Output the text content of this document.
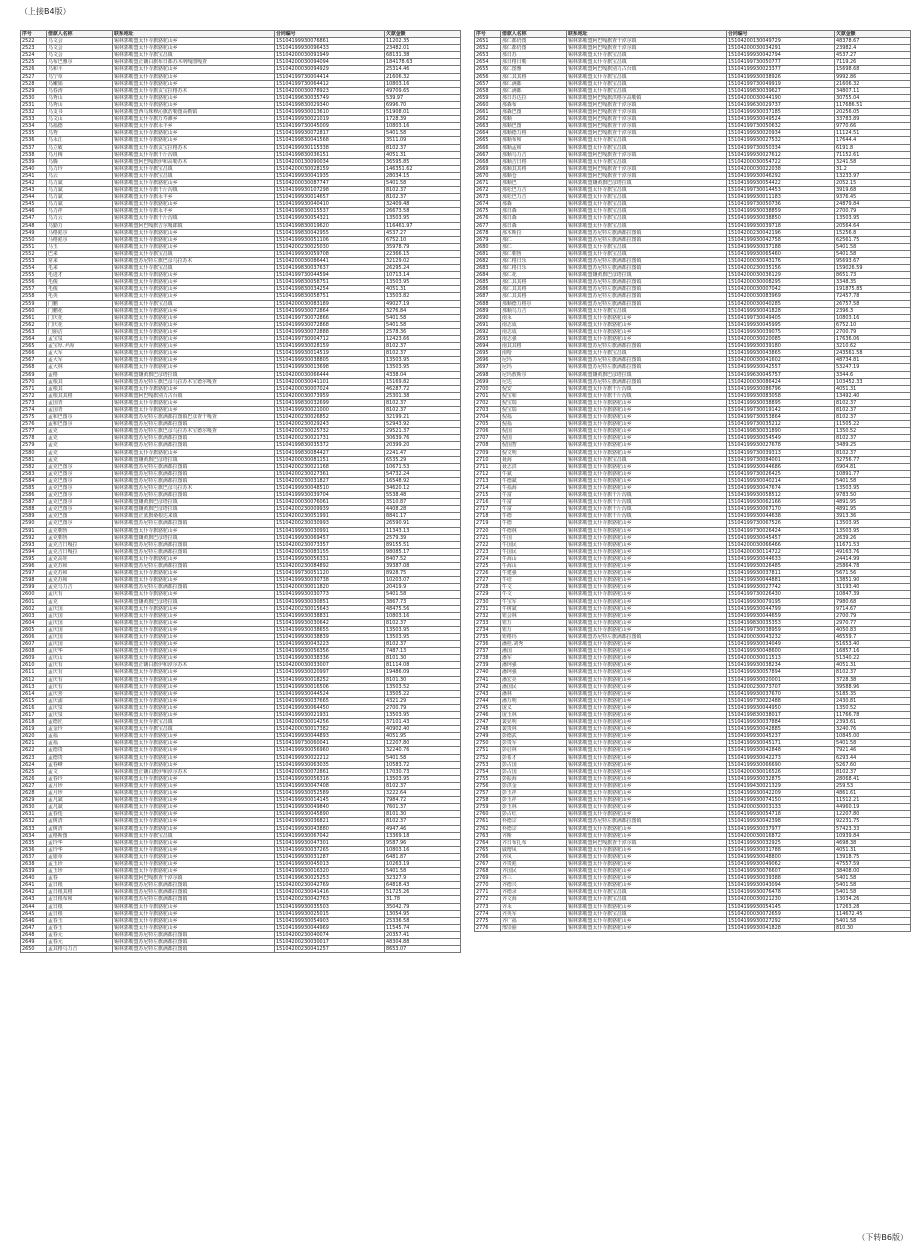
（上接B4版）
序号	借款人名称	联系地址	合同编号	欠款金额
2522	乌文会	锡林郭勒盟太仆寺旗骆驼山乡	15104199930076861	11202.35
2523	乌文会	锡林郭勒盟太仆寺旗骆驼山乡	15104199930096433	23482.01
2524	乌文会	锡林郭勒盟太仆寺旗宝昌镇	15104200030091949	68131.38
2525	乌布巴雅尔	锡林郭勒盟正镶白旗布日都苏木明嘎图嘎查	15104200030094094	184178.63
2526	乌和平	锡林郭勒盟太仆寺旗骆驼山乡	15104200030094929	25314.46
2527	乌宁章	锡林郭勒盟太仆寺旗骆驼山乡	15104199730004414	21606.32
2528	乌嫩娟	锡林郭勒盟太仆寺旗骆驼山乡	15104199730064412	10803.16
2529	乌春涛	锡林郭勒盟太仆寺旗贡宝拉格苏木	15104200030078923	49709.65
2530	乌秀山	锡林郭勒盟太仆寺旗骆驼山乡	15104199630035749	539.97
2531	乌秀山	锡林郭勒盟太仆寺旗骆驼山乡	15104199830029340	6996.70
2532	乌支书	锡林郭勒盟西乌珠穆沁旗浩勒图高勒镇	15104199930013610	51908.01
2533	乌文山	锡林郭勒盟太仆寺旗万寿滩乡	15104199930021019	1728.39
2534	乌福德	锡林郭勒盟太仆寺旗永丰乡	15104199730045009	10803.16
2535	乌秀	锡林郭勒盟太仆寺旗骆驼山乡	15104199930072817	5401.58
2536	乌永江	锡林郭勒盟太仆寺旗骆驼山乡	15104199830041568	3511.09
2537	乌立敏	锡林郭勒盟太仆寺旗贡宝拉格苏木	15104199930115338	8102.37
2538	乌月梅	锡林郭勒盟太仆寺旗千斤沟镇	15104199830036151	4051.31
2539	乌腾	锡林郭勒盟阿巴嘎旗伊和高勒苏木	15104200130090034	36595.85
2540	乌力玲	锡林郭勒盟太仆寺旗宝昌镇	15104200030028159	146351.62
2541	乌云	锡林郭勒盟太仆寺旗宝昌镇	15104199930041935	28034.15
2542	乌力斌	锡林郭勒盟太仆寺旗骆驼山乡	15104200030087747	5401.58
2543	乌力斌	锡林郭勒盟太仆寺旗千斤沟镇	15104199930107298	8102.37
2544	乌力斌	锡林郭勒盟太仆寺旗永丰乡	15104199930014657	8102.37
2545	乌力斌	锡林郭勒盟太仆寺旗骆驼山乡	15104199930040410	32409.48
2546	乌力祥	锡林郭勒盟太仆寺旗永丰乡	15104199830015537	26673.58
2547	乌力云	锡林郭勒盟太仆寺旗千斤沟镇	15104199930054321	13503.95
2548	乌勤力	锡林郭勒盟阿巴嘎旗吉尔嘎郎镇	15104199830019620	116461.97
2549	马格彪尔	锡林郭勒盟太仆寺旗骆驼山乡	15104199830042955	4537.27
2550	马格彪尔	锡林郭勒盟太仆寺旗骆驼山乡	15104199930051106	6752.10
2551	马玉	锡林郭勒盟太仆寺旗骆驼山乡	15104200230025030	35978.79
2552	巴来	锡林郭勒盟太仆寺旗宝昌镇	15104199930059708	22366.15
2553	常来	锡林郭勒盟苏尼特左旗巴彦乌拉苏木	15104200030086441	32129.02
2554	毛来	锡林郭勒盟太仆寺旗宝昌镇	15104199830037637	26295.24
2555	毛进才	锡林郭勒盟太仆寺旗骆驼山乡	15104199730044594	10713.14
2556	毛俊	锡林郭勒盟太仆寺旗骆驼山乡	15104199830058751	13503.95
2557	毛俊	锡林郭勒盟太仆寺旗骆驼山乡	15104199830034254	4051.31
2558	毛英	锡林郭勒盟太仆寺旗骆驼山乡	15104199830058751	13503.82
2559	门鹏	锡林郭勒盟太仆寺旗宝昌镇	15104200030083189	49027.19
2560	门鹏花	锡林郭勒盟太仆寺旗骆驼山乡	15104199930072864	3276.84
2561	门庆花	锡林郭勒盟太仆寺旗骆驼山乡	15104199730072866	5401.58
2562	门庆花	锡林郭勒盟太仆寺旗骆驼山乡	15104199930072868	5401.58
2563	门丽洁	锡林郭勒盟太仆寺旗骆驼山乡	15104199930072888	2578.36
2564	孟宝泉	锡林郭勒盟太仆寺旗骆驼山乡	15104199730004712	12423.66
2565	孟宝厚.尹海	锡林郭勒盟太仆寺旗骆驼山乡	15104199930028159	8102.37
2566	孟大军	锡林郭勒盟太仆寺旗骆驼山乡	15104199930014519	8102.37
2567	孟大军	锡林郭勒盟太仆寺旗骆驼山乡	15104199930038805	13503.95
2568	孟大林	锡林郭勒盟太仆寺旗骆驼山乡	15104199930013698	13503.95
2569	孟格	锡林郭勒盟镶黄旗巴彦塔拉镇	15104200030066444	4338.04
2570	孟根其	锡林郭勒盟苏尼特左旗巴彦乌拉苏木宝德尔嘎查	15104200030041101	15169.82
2571	孟根其	锡林郭勒盟太仆寺旗骆驼山乡	15104200030007024	46287.72
2572	孟根其其格	锡林郭勒盟阿巴嘎旗别力古台镇	15104200030073959	25301.38
2573	孟国青	锡林郭勒盟太仆寺旗骆驼山乡	15104199830032699	8102.37
2574	孟国青	锡林郭勒盟太仆寺旗骆驼山乡	15104199930021000	8102.37
2575	孟和巴图尔	锡林郭勒盟苏尼特左旗满都拉图镇巴彦查干嘎查	15104200230026852	32199.21
2576	孟和巴图尔	锡林郭勒盟苏尼特左旗满都拉图镇	15104200230029243	52943.92
2577	孟克	锡林郭勒盟苏尼特左旗巴彦乌拉苏木宝德尔嘎查	15104200230025732	29521.37
2578	孟克	锡林郭勒盟苏尼特左旗满都拉图镇	15104200230021731	30639.76
2579	孟克	锡林郭勒盟苏尼特左旗满都拉图镇	15104199830035372	20399.20
2580	孟克	锡林郭勒盟太仆寺旗骆驼山乡	15104199830084427	2241.47
2581	孟克	锡林郭勒盟镶黄旗巴彦塔拉镇	15104200030081151	6535.29
2582	孟克巴图尔	锡林郭勒盟苏尼特左旗满都拉图镇	15104200230021168	10671.53
2583	孟克巴图尔	锡林郭勒盟苏尼特左旗满都拉图镇	15104200230027361	54732.24
2584	孟克巴图尔	锡林郭勒盟苏尼特左旗满都拉图镇	15104200230031827	16548.92
2585	孟克巴图尔	锡林郭勒盟苏尼特左旗巴彦乌拉苏木	15104199930048510	34620.12
2586	孟克巴图尔	锡林郭勒盟苏尼特左旗满都拉图镇	15104199930039704	5538.48
2587	孟克巴图尔	锡林郭勒盟镶黄旗巴彦塔拉镇	15104200030076061	3510.87
2588	孟克巴图尔	锡林郭勒盟镶黄旗巴彦塔拉镇	15104200230009939	4408.28
2589	孟克巴图	锡林郭勒盟正蓝旗桑根达来镇	15104200230051991	8841.17
2590	孟克巴图尔	锡林郭勒盟苏尼特左旗满都拉图镇	15104200230030993	26590.91
2591	孟克朝鲁	锡林郭勒盟太仆寺旗骆驼山乡	15104199930030991	11343.13
2592	孟克朝鲁	锡林郭勒盟镶黄旗巴彦塔拉镇	15104199930069457	2579.39
2593	孟克吉日嘎拉	锡林郭勒盟苏尼特左旗满都拉图镇	15104200230073357	89155.51
2594	孟克吉日嘎拉	锡林郭勒盟苏尼特左旗满都拉图镇	15104200230083155	98085.17
2595	孟克高娃	锡林郭勒盟太仆寺旗骆驼山乡	15104199930056331	8407.52
2596	孟克苏和	锡林郭勒盟苏尼特左旗满都拉图镇	15104200230084892	39387.08
2597	孟克苏和	锡林郭勒盟太仆寺旗骆驼山乡	15104199730051120	8928.75
2598	孟克苏和	锡林郭勒盟太仆寺旗骆驼山乡	15104199930030738	10203.07
2599	孟克乌力吉	锡林郭勒盟苏尼特左旗满都拉图镇	15104200030011820	20419.9
2600	孟庆有	锡林郭勒盟太仆寺旗骆驼山乡	15104199930030773	5401.58
2601	孟克	锡林郭勒盟镶黄旗巴彦塔拉镇	15104199930030851	3867.73
2602	孟庆国	锡林郭勒盟太仆寺旗骆驼山乡	15104200230015643	48475.56
2603	孟庆国	锡林郭勒盟太仆寺旗骆驼山乡	15104199930038831	10803.16
2604	孟庆国	锡林郭勒盟太仆寺旗骆驼山乡	15104199930030642	8102.37
2605	孟庆国	锡林郭勒盟太仆寺旗骆驼山乡	15104199930038655	13503.95
2606	孟庆国	锡林郭勒盟太仆寺旗骆驼山乡	15104199930038839	13503.95
2607	孟庆国	锡林郭勒盟太仆寺旗骆驼山乡	15104199930043223	8102.37
2608	孟庆华	锡林郭勒盟太仆寺旗骆驼山乡	15104199930056356	7487.13
2609	孟庆山	锡林郭勒盟太仆寺旗骆驼山乡	15104199930038336	8101.30
2610	孟庆有	锡林郭勒盟正镶白旗伊和淖尔苏木	15104200030033007	81114.08
2611	孟庆有	锡林郭勒盟太仆寺旗骆驼山乡	15104199930020997	19486.09
2612	孟庆有	锡林郭勒盟太仆寺旗骆驼山乡	15104199930018252	8101.30
2613	孟庆有	锡林郭勒盟太仆寺旗骆驼山乡	15104199930016506	13503.52
2614	孟庆喜	锡林郭勒盟太仆寺旗骆驼山乡	15104199930044524	13505.22
2615	孟庆浦	锡林郭勒盟太仆寺旗骆驼山乡	15104199930037665	4321.29
2616	孟庆泉	锡林郭勒盟太仆寺旗骆驼山乡	15104199930064450	2700.79
2617	孟庆泉	锡林郭勒盟太仆寺旗骆驼山乡	15104199930021931	13503.95
2618	孟德匠	锡林郭勒盟太仆寺旗宝昌镇	15104200030014256	37101.43
2619	孟金玲	锡林郭勒盟太仆寺旗宝昌镇	15104200030017382	40902.40
2620	孟福	锡林郭勒盟太仆寺旗骆驼山乡	15104199930044893	4051.95
2621	孟福	锡林郭勒盟太仆寺旗骆驼山乡	15104199730060041	12207.80
2622	孟德贵	锡林郭勒盟太仆寺旗骆驼山乡	15104199930056960	32240.76
2623	孟德贵	锡林郭勒盟太仆寺旗骆驼山乡	15104199930022212	5401.58
2624	孟春峰	锡林郭勒盟太仆寺旗骆驼山乡	15104199930063035	10583.72
2625	孟文	锡林郭勒盟正镶白旗伊和淖尔苏木	15104200030072861	17030.73
2626	孟春玲	锡林郭勒盟太仆寺旗骆驼山乡	15104199930056316	13503.95
2627	孟月珍	锡林郭勒盟太仆寺旗骆驼山乡	15104199930047408	8102.37
2628	孟月珍	锡林郭勒盟太仆寺旗骆驼山乡	15104199930052589	3222.64
2629	孟凡斌	锡林郭勒盟太仆寺旗骆驼山乡	15104199930014145	7984.72
2630	孟凡斌	锡林郭勒盟太仆寺旗骆驼山乡	15104199930049840	7601.37
2631	孟春莲	锡林郭勒盟太仆寺旗骆驼山乡	15104199930045890	8101.30
2632	孟树清	锡林郭勒盟太仆寺旗骆驼山乡	15104199930036821	8102.37
2633	孟树清	锡林郭勒盟太仆寺旗骆驼山乡	15104199930043880	4947.46
2634	孟格斯图	锡林郭勒盟太仆寺旗宝昌镇	15104199930067042	13369.18
2635	孟玲华	锡林郭勒盟太仆寺旗骆驼山乡	15104199930047301	9587.96
2636	孟玲华	锡林郭勒盟太仆寺旗骆驼山乡	15104199930037265	10803.16
2637	孟银章	锡林郭勒盟太仆寺旗骆驼山乡	15104199930031287	6481.87
2638	孟玉珍	锡林郭勒盟太仆寺旗骆驼山乡	15104199930045013	10263.19
2639	孟玉珍	锡林郭勒盟太仆寺旗骆驼山乡	15104199930016320	5401.58
2640	孟春	锡林郭勒盟阿巴嘎旗查干淖尔镇	15104199630025253	32327.9
2641	孟日根	锡林郭勒盟苏尼特左旗满都拉图镇	15104200230042769	64818.43
2642	孟日根其格	锡林郭勒盟苏尼特左旗满都拉图镇	15104200230041416	51725.26
2643	孟日根布和	锡林郭勒盟苏尼特左旗满都拉图镇	15104200230042763	31.78
2644	孟日根	锡林郭勒盟太仆寺旗骆驼山乡	15104199930035503	35042.79
2645	孟日根	锡林郭勒盟太仆寺旗骆驼山乡	15104199930025015	13054.95
2646	孟春玉	锡林郭勒盟太仆寺旗骆驼山乡	15104199930054903	25336.58
2647	孟春玉	锡林郭勒盟太仆寺旗骆驼山乡	15104199930044969	11545.74
2648	孟春元	锡林郭勒盟苏尼特左旗满都拉图镇	15104200230040074	20357.41
2649	孟春元	锡林郭勒盟苏尼特左旗满都拉图镇	15104200230030017	48304.88
2650	孟其格乌力吉	锡林郭勒盟苏尼特左旗满都拉图镇	15104200230041257	8653.07
序号	借款人名称	联系地址	合同编号	欠款金额
2651	那仁都仍图	锡林郭勒盟阿巴嘎旗查干淖尔镇	15104200130049729	48378.67
2652	那仁都仍图	锡林郭勒盟阿巴嘎旗查干淖尔镇	15104200030034291	23982.4
2653	那日苏	锡林郭勒盟太仆寺旗宝昌镇	15104199930042794	4537.27
2654	那日格日勒	锡林郭勒盟太仆寺旗宝昌镇	15104199730050777	7119.26
2655	那仁图雅	锡林郭勒盟阿巴嘎旗别力古台镇	15104199930023377	15698.68
2656	那仁其其格	锡林郭勒盟太仆寺旗宝昌镇	15104199930038926	9992.86
2657	那仁满都	锡林郭勒盟太仆寺旗宝昌镇	15104199730049919	21606.32
2658	那仁满都	锡林郭勒盟太仆寺旗宝昌镇	15104199830039627	34807.11
2659	那日苏达拉	锡林郭勒盟阿巴嘎旗洪格尔高勒镇	15104200030044190	30755.04
2660	那森布	锡林郭勒盟阿巴嘎旗查干淖尔镇	15104199630029737	117686.51
2661	那森巴图	锡林郭勒盟阿巴嘎旗查干淖尔镇	15104199930037185	20256.05
2662	那顺	锡林郭勒盟阿巴嘎旗查干淖尔镇	15104199930049524	33783.89
2663	那顺巴图	锡林郭勒盟阿巴嘎旗查干淖尔镇	15104199730050632	9770.66
2664	那顺德力格	锡林郭勒盟阿巴嘎旗查干淖尔镇	15104199930020934	11124.51
2665	那顺布和	锡林郭勒盟太仆寺旗宝昌镇	15104199930027532	17644.4
2666	那顺孟和	锡林郭勒盟太仆寺旗宝昌镇	15104199730050334	6191.8
2667	那顺乌力吉	锡林郭勒盟阿巴嘎旗查干淖尔镇	15104199930027612	71152.61
2668	那顺吉日格	锡林郭勒盟太仆寺旗宝昌镇	15104200030054722	3241.58
2669	那顺其其格	锡林郭勒盟阿巴嘎旗查干淖尔镇	15104200030022038	31.2
2670	那顺仓	锡林郭勒盟阿巴嘎旗查干淖尔镇	15104199930046292	13233.97
2671	那顺巴	锡林郭勒盟镶黄旗巴彦塔拉镇	15104199930054422	2052.15
2672	那松巴力吉	锡林郭勒盟太仆寺旗宝昌镇	15104199730014453	3919.68
2673	那松巴力吉	锡林郭勒盟太仆寺旗宝昌镇	15104199930011183	9376.45
2674	那森	锡林郭勒盟太仆寺旗宝昌镇	15104199730050736	24879.84
2675	那日森	锡林郭勒盟太仆寺旗宝昌镇	15104199930038859	2700.79
2676	那日森	锡林郭勒盟太仆寺旗宝昌镇	15104199930038850	13503.95
2677	那日森	锡林郭勒盟太仆寺旗宝昌镇	15104199930039718	20564.64
2678	那木斯拉	锡林郭勒盟苏尼特左旗满都拉图镇	15104200230042196	15256.8
2679	那仁	锡林郭勒盟苏尼特左旗满都拉图镇	15104199930042758	62561.75
2680	那仁	锡林郭勒盟太仆寺旗宝昌镇	15104199930037188	5401.58
2681	那仁朝鲁	锡林郭勒盟太仆寺旗宝昌镇	15104199930065460	5401.58
2682	那仁格日乐	锡林郭勒盟苏尼特左旗满都拉图镇	15104200030043176	95693.67
2683	那仁格日乐	锡林郭勒盟苏尼特左旗满都拉图镇	15104200230035156	159026.59
2684	那仁花	锡林郭勒盟镶黄旗巴彦塔拉镇	15104200030036129	8651.73
2685	那仁其其格	锡林郭勒盟苏尼特左旗满都拉图镇	15104200030008295	3348.35
2686	那仁其其格	锡林郭勒盟苏尼特左旗满都拉图镇	15104200030007042	191875.85
2687	那仁其其格	锡林郭勒盟苏尼特左旗满都拉图镇	15104200030083969	72457.78
2688	那顺德力格尔	锡林郭勒盟苏尼特左旗满都拉图镇	15104200030040285	26757.58
2689	那顺乌力吉	锡林郭勒盟太仆寺旗宝昌镇	15104199930041828	2396.3
2690	南永	锡林郭勒盟太仆寺旗骆驼山乡	15104199730049405	10803.16
2691	南志成	锡林郭勒盟太仆寺旗骆驼山乡	15104199930045995	6752.10
2692	南志成	锡林郭勒盟太仆寺旗骆驼山乡	15104199930039075	2700.79
2693	南志强	锡林郭勒盟太仆寺旗骆驼山乡	15104200030020085	17636.06
2694	南其其格	锡林郭勒盟苏尼特左旗满都拉图镇	15104199930039180	3210.62
2695	南哈	锡林郭勒盟太仆寺旗宝昌镇	15104199930043865	243561.58
2696	尼玛	锡林郭勒盟苏尼特左旗满都拉图镇	15104200030041602	48734.81
2697	尼玛	锡林郭勒盟苏尼特左旗满都拉图镇	15104199930042557	53247.19
2698	尼玛敖斯尔	锡林郭勒盟镶黄旗巴彦塔拉镇	15104199630045757	3344.6
2699	尼达	锡林郭勒盟苏尼特左旗满都拉图镇	15104200030086424	103452.33
2700	倪安	锡林郭勒盟太仆寺旗千斤沟镇	15104199930086796	4051.31
2701	倪宝和	锡林郭勒盟太仆寺旗千斤沟镇	15104199930083058	13492.40
2702	倪宝瑞	锡林郭勒盟太仆寺旗骆驼山乡	15104199930038895	8102.37
2703	倪宝瑞	锡林郭勒盟太仆寺旗骆驼山乡	15104199730019142	8102.37
2704	倪福	锡林郭勒盟太仆寺旗骆驼山乡	15104199730053864	8102.37
2705	倪福	锡林郭勒盟太仆寺旗骆驼山乡	15104199730035212	11505.22
2706	倪国	锡林郭勒盟太仆寺旗骆驼山乡	15104199830031890	1350.52
2707	倪国	锡林郭勒盟太仆寺旗骆驼山乡	15104199930054549	8102.37
2708	倪国智	锡林郭勒盟太仆寺旗骆驼山乡	15104199930027678	3489.25
2709	倪文明	锡林郭勒盟太仆寺旗骆驼山乡	15104199730039313	8102.37
2710	聂海	锡林郭勒盟太仆寺旗宝昌镇	15104199730084001	32756.77
2711	聂志洪	锡林郭勒盟太仆寺旗骆驼山乡	15104199930044686	6904.81
2712	牛斌	锡林郭勒盟太仆寺旗骆驼山乡	15104199730026425	10891.77
2713	牛德斌	锡林郭勒盟太仆寺旗骆驼山乡	15104199930040214	5401.58
2714	牛福海	锡林郭勒盟太仆寺旗骆驼山乡	15104199930047674	13503.95
2715	牛富	锡林郭勒盟太仆寺旗千斤沟镇	15104199930058512	9783.50
2716	牛富	锡林郭勒盟太仆寺旗千斤沟镇	15104199930062166	4891.95
2717	牛富	锡林郭勒盟太仆寺旗千斤沟镇	15104199930067170	4891.95
2718	牛德	锡林郭勒盟太仆寺旗千斤沟镇	15104199930044638	3913.36
2719	牛德	锡林郭勒盟太仆寺旗骆驼山乡	15104199730067526	13503.95
2720	牛德林	锡林郭勒盟太仆寺旗骆驼山乡	15104199730026424	13503.95
2721	牛国	锡林郭勒盟太仆寺旗骆驼山乡	15104199930045457	2639.26
2722	牛国民	锡林郭勒盟太仆寺旗骆驼山乡	15104200030066466	11671.53
2723	牛国民	锡林郭勒盟太仆寺旗骆驼山乡	15104200030114722	49163.76
2724	牛海山	锡林郭勒盟太仆寺旗骆驼山乡	15104199930044633	24414.99
2725	牛海山	锡林郭勒盟太仆寺旗骆驼山乡	15104199930026485	25864.78
2726	牛建强	锡林郭勒盟太仆寺旗骆驼山乡	15104199930037811	5671.56
2727	牛培	锡林郭勒盟太仆寺旗骆驼山乡	15104199930044881	13851.90
2728	牛文	锡林郭勒盟太仆寺旗骆驼山乡	15104199930027742	31193.40
2729	牛文	锡林郭勒盟太仆寺旗骆驼山乡	15104199730026430	10847.39
2730	牛宝军	锡林郭勒盟太仆寺旗骆驼山乡	15104199930079195	7980.68
2731	牛树斌	锡林郭勒盟太仆寺旗骆驼山乡	15104199930044799	9714.67
2732	钮会林	锡林郭勒盟太仆寺旗骆驼山乡	15104199930044659	2700.79
2733	钮万	锡林郭勒盟太仆寺旗骆驼山乡	15104199830035353	2970.77
2734	钮万	锡林郭勒盟太仆寺旗骆驼山乡	15104199730038959	4050.83
2735	钮格玛	锡林郭勒盟苏尼特左旗满都拉图镇	15104200030043232	46559.7
2736	潘桂.刘秀	锡林郭勒盟太仆寺旗骆驼山乡	15104199930034049	51653.40
2737	潘国	锡林郭勒盟太仆寺旗骆驼山乡	15104199930048600	16857.16
2738	潘军	锡林郭勒盟太仆寺旗骆驼山乡	15104200030011513	51340.22
2739	潘珂强	锡林郭勒盟太仆寺旗骆驼山乡	15104199930038234	4051.31
2740	潘珂强	锡林郭勒盟太仆寺旗骆驼山乡	15104199930057894	8102.37
2741	潘宏亮	锡林郭勒盟太仆寺旗骆驼山乡	15104199930020001	3728.38
2742	潘国民	锡林郭勒盟太仆寺旗骆驼山乡	15104200230073707	39588.96
2743	潘林	锡林郭勒盟太仆寺旗骆驼山乡	15104199930037670	5185.35
2744	潘万明	锡林郭勒盟太仆寺旗骆驼山乡	15104199730022488	2430.81
2745	庞义	锡林郭勒盟太仆寺旗骆驼山乡	15104199930044950	1350.52
2746	庞玉林	锡林郭勒盟太仆寺旗骆驼山乡	15104199830038017	11766.78
2747	裴显明	锡林郭勒盟太仆寺旗骆驼山乡	15104199930037884	2393.61
2748	裴贵林	锡林郭勒盟太仆寺旗骆驼山乡	15104199930042885	3240.76
2749	彭德武	锡林郭勒盟太仆寺旗骆驼山乡	15104199930045237	10845.00
2750	彭贵军	锡林郭勒盟太仆寺旗骆驼山乡	15104199930045171	5401.58
2751	彭启林	锡林郭勒盟太仆寺旗骆驼山乡	15104199930042848	7921.46
2752	彭希才	锡林郭勒盟太仆寺旗骆驼山乡	15104199930042273	6293.44
2753	彭占国	锡林郭勒盟太仆寺旗骆驼山乡	15104199930066690	5267.60
2754	彭占国	锡林郭勒盟太仆寺旗骆驼山乡	15104200030016526	8102.37
2755	彭振海	锡林郭勒盟太仆寺旗骆驼山乡	15104199930032875	28068.41
2756	彭洪金	锡林郭勒盟太仆寺旗骆驼山乡	15104199430021329	259.53
2757	彭玉祥	锡林郭勒盟太仆寺旗骆驼山乡	15104199930042209	4861.61
2758	彭玉祥	锡林郭勒盟太仆寺旗骆驼山乡	15104199930074150	11512.21
2759	彭玉林	锡林郭勒盟太仆寺旗骆驼山乡	15104200030003133	44960.19
2760	彭占红	锡林郭勒盟太仆寺旗骆驼山乡	15104199930054718	12207.80
2761	朴德宗	锡林郭勒盟苏尼特左旗满都拉图镇	15104199930042398	92231.75
2762	朴德宗	锡林郭勒盟太仆寺旗骆驼山乡	15104199930037977	57423.33
2763	齐斯	锡林郭勒盟太仆寺旗骆驼山乡	15104200030016872	10939.84
2764	齐日布扎布	锡林郭勒盟阿巴嘎旗查干淖尔镇	15104199930032925	4698.38
2765	戚增凤	锡林郭勒盟太仆寺旗骆驼山乡	15104199930031788	4051.31
2766	齐凤	锡林郭勒盟太仆寺旗骆驼山乡	15104199930048800	13918.75
2767	齐贵彪	锡林郭勒盟太仆寺旗骆驼山乡	15104199930049062	47557.59
2768	齐国民	锡林郭勒盟太仆寺旗骆驼山乡	15104199930076607	38408.00
2769	齐三	锡林郭勒盟太仆寺旗骆驼山乡	15104199930039388	5401.58
2770	齐德兴	锡林郭勒盟太仆寺旗骆驼山乡	15104199930043094	5401.58
2771	齐德录	锡林郭勒盟太仆寺旗宝昌镇	15104199930076478	5401.58
2772	齐文海	锡林郭勒盟太仆寺旗宝昌镇	15104200030021230	13034.26
2773	齐永	锡林郭勒盟太仆寺旗骆驼山乡	15104199930054145	17263.28
2774	齐英军	锡林郭勒盟太仆寺旗宝昌镇	15104200030072659	114672.45
2775	齐广福	锡林郭勒盟太仆寺旗骆驼山乡	15104199930027292	5401.58
2776	邢崇丽	锡林郭勒盟太仆寺旗骆驼山乡	15104199930041828	810.30
（下转B6版）
